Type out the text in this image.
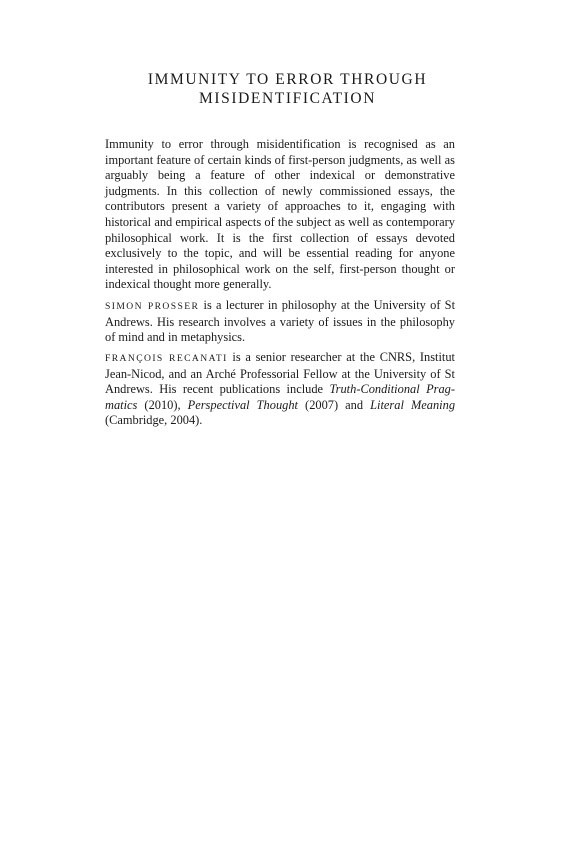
IMMUNITY TO ERROR THROUGH
MISIDENTIFICATION

Immunity to error through misidentification is recognised as an important feature of certain kinds of first-person judgments, as well as arguably being a feature of other indexical or demonstrative judgments. In this collection of newly commissioned essays, the contributors present a variety of approaches to it, engaging with historical and empirical aspects of the subject as well as contemporary philosophical work. It is the first collection of essays devoted exclusively to the topic, and will be essential reading for anyone interested in philosophical work on the self, first-person thought or indexical thought more generally.

SIMON PROSSER is a lecturer in philosophy at the University of St Andrews. His research involves a variety of issues in the philosophy of mind and in metaphysics.

FRANÇOIS RECANATI is a senior researcher at the CNRS, Institut Jean-Nicod, and an Arché Professorial Fellow at the University of St Andrews. His recent publications include Truth-Conditional Pragmatics (2010), Perspectival Thought (2007) and Literal Meaning (Cambridge, 2004).
